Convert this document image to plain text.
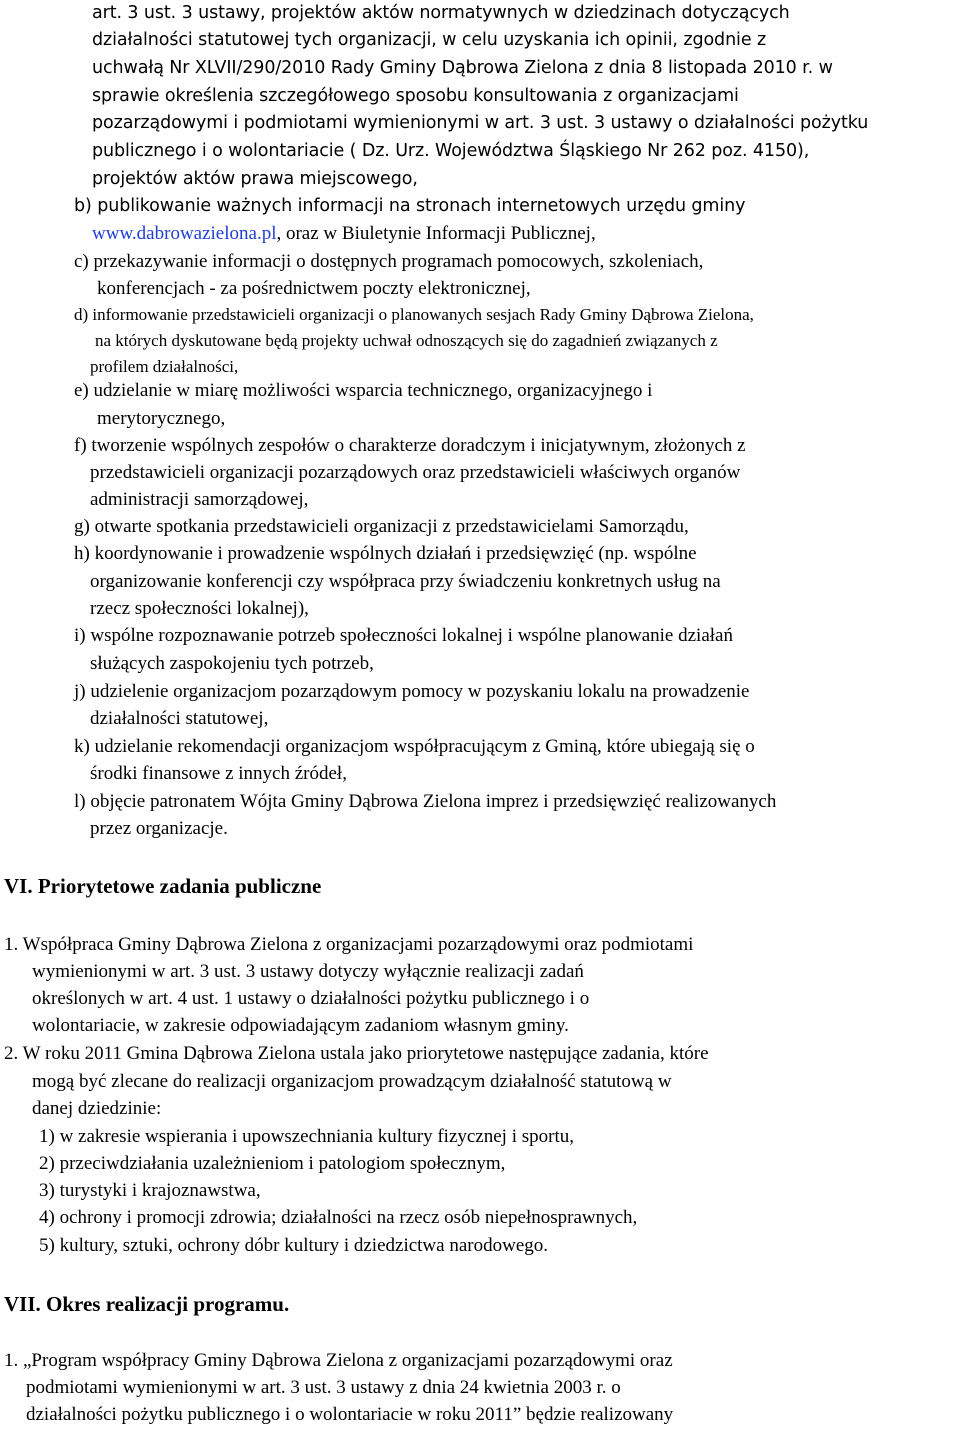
art. 3 ust. 3 ustawy, projektów aktów normatywnych w dziedzinach dotyczących
działalności statutowej tych organizacji, w celu uzyskania ich opinii, zgodnie z
uchwałą Nr XLVII/290/2010 Rady Gminy Dąbrowa Zielona z dnia 8 listopada 2010 r. w
sprawie określenia szczegółowego sposobu konsultowania z organizacjami
pozarządowymi i podmiotami wymienionymi w art. 3 ust. 3 ustawy o działalności pożytku
publicznego i o wolontariacie ( Dz. Urz. Województwa Śląskiego Nr 262 poz. 4150),
projektów aktów prawa miejscowego,
b) publikowanie ważnych informacji na stronach internetowych urzędu gminy
www.dabrowazielona.pl, oraz w Biuletynie Informacji Publicznej,
c) przekazywanie informacji o dostępnych programach pomocowych, szkoleniach,
konferencjach - za pośrednictwem poczty elektronicznej,
d) informowanie przedstawicieli organizacji o planowanych sesjach Rady Gminy Dąbrowa Zielona,
na których dyskutowane będą projekty uchwał odnoszących się do zagadnień związanych z
profilem działalności,
e) udzielanie w miarę możliwości wsparcia technicznego, organizacyjnego i
merytorycznego,
f) tworzenie wspólnych zespołów o charakterze doradczym i inicjatywnym, złożonych z
przedstawicieli organizacji pozarządowych oraz przedstawicieli właściwych organów
administracji samorządowej,
g) otwarte spotkania przedstawicieli organizacji z przedstawicielami Samorządu,
h) koordynowanie i prowadzenie wspólnych działań i przedsięwzięć (np. wspólne
organizowanie konferencji czy współpraca przy świadczeniu konkretnych usług na
rzecz społeczności lokalnej),
i) wspólne rozpoznawanie potrzeb społeczności lokalnej i wspólne planowanie działań
służących zaspokojeniu tych potrzeb,
j) udzielenie organizacjom pozarządowym pomocy w pozyskaniu lokalu na prowadzenie
działalności statutowej,
k) udzielanie rekomendacji organizacjom współpracującym z Gminą, które ubiegają się o
środki finansowe z innych źródeł,
l) objęcie patronatem Wójta Gminy Dąbrowa Zielona imprez i przedsięwzięć realizowanych
przez organizacje.
VI. Priorytetowe zadania publiczne
1. Współpraca Gminy Dąbrowa Zielona z organizacjami pozarządowymi oraz podmiotami
wymienionymi w art. 3 ust. 3 ustawy dotyczy wyłącznie realizacji zadań
określonych w art. 4 ust. 1 ustawy o działalności pożytku publicznego i o
wolontariacie, w zakresie odpowiadającym zadaniom własnym gminy.
2. W roku 2011 Gmina Dąbrowa Zielona ustala jako priorytetowe następujące zadania, które
mogą być zlecane do realizacji organizacjom prowadzącym działalność statutową w
danej dziedzinie:
1) w zakresie wspierania i upowszechniania kultury fizycznej i sportu,
2) przeciwdziałania uzależnieniom i patologiom społecznym,
3) turystyki i krajoznawstwa,
4) ochrony i promocji zdrowia; działalności na rzecz osób niepełnosprawnych,
5) kultury, sztuki, ochrony dóbr kultury i dziedzictwa narodowego.
VII. Okres realizacji programu.
1. „Program współpracy Gminy Dąbrowa Zielona z organizacjami pozarządowymi oraz
podmiotami wymienionymi w art. 3 ust. 3 ustawy z dnia 24 kwietnia 2003 r. o
działalności pożytku publicznego i o wolontariacie w roku 2011” będzie realizowany
